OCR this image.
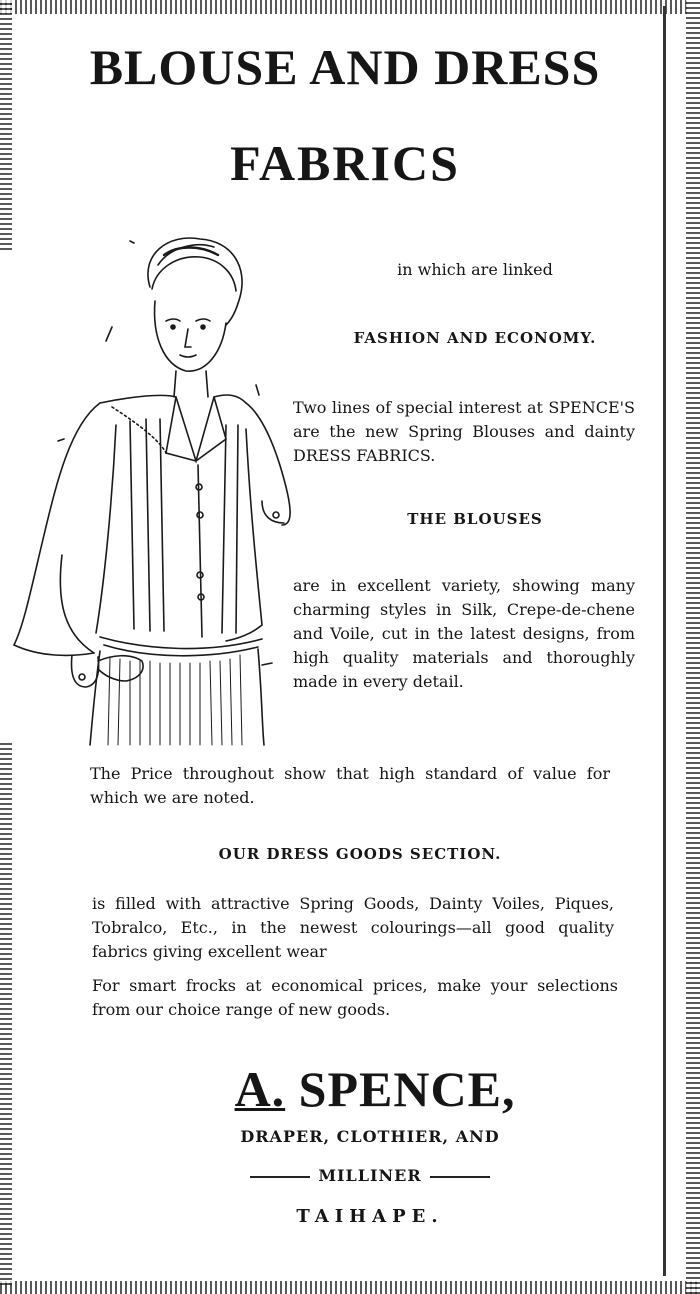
BLOUSE AND DRESS
FABRICS
in which are linked
FASHION AND ECONOMY.
Two lines of special interest at SPENCE'S are the new Spring Blouses and dainty DRESS FABRICS.
THE BLOUSES
are in excellent variety, showing many charming styles in Silk, Crepe-de-chene and Voile, cut in the latest designs, from high quality materials and thoroughly made in every detail.
The Price throughout show that high standard of value for which we are noted.
OUR DRESS GOODS SECTION.
is filled with attractive Spring Goods, Dainty Voiles, Piques, Tobralco, Etc., in the newest colourings—all good quality fabrics giving excellent wear
For smart frocks at economical prices, make your selections from our choice range of new goods.
A. SPENCE,
DRAPER, CLOTHIER, AND
MILLINER
TAIHAPE.
